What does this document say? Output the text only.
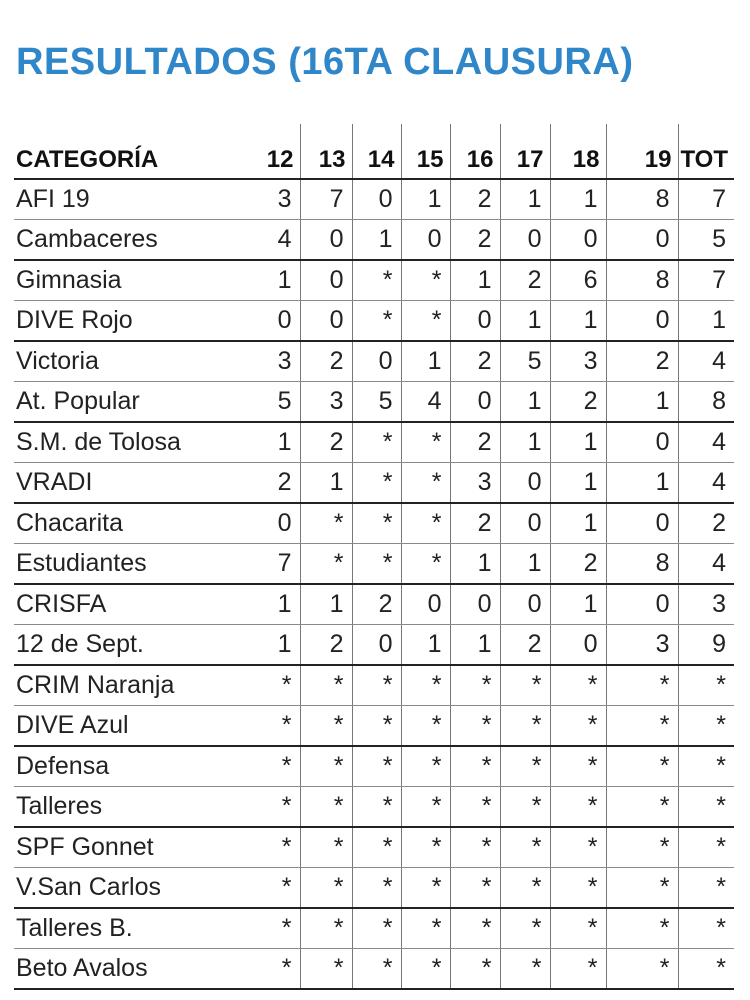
RESULTADOS (16TA CLAUSURA)
CATEGORÍA	12	13	14	15	16	17	18	19	TOT
AFI 19	3	7	0	1	2	1	1	8	7
Cambaceres	4	0	1	0	2	0	0	0	5
Gimnasia	1	0	*	*	1	2	6	8	7
DIVE Rojo	0	0	*	*	0	1	1	0	1
Victoria	3	2	0	1	2	5	3	2	4
At. Popular	5	3	5	4	0	1	2	1	8
S.M. de Tolosa	1	2	*	*	2	1	1	0	4
VRADI	2	1	*	*	3	0	1	1	4
Chacarita	0	*	*	*	2	0	1	0	2
Estudiantes	7	*	*	*	1	1	2	8	4
CRISFA	1	1	2	0	0	0	1	0	3
12 de Sept.	1	2	0	1	1	2	0	3	9
CRIM Naranja	*	*	*	*	*	*	*	*	*
DIVE Azul	*	*	*	*	*	*	*	*	*
Defensa	*	*	*	*	*	*	*	*	*
Talleres	*	*	*	*	*	*	*	*	*
SPF Gonnet	*	*	*	*	*	*	*	*	*
V.San Carlos	*	*	*	*	*	*	*	*	*
Talleres B.	*	*	*	*	*	*	*	*	*
Beto Avalos	*	*	*	*	*	*	*	*	*
